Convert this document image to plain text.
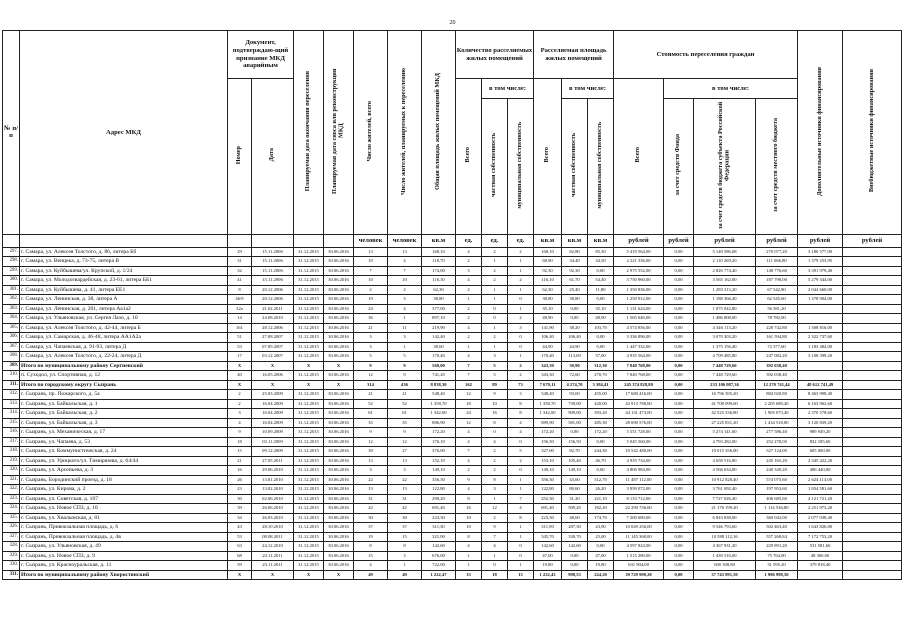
20
№ п/п	Адрес МКД	Документ, подтверждаю-щий признание МКД аварийным		Планируемая дата окончания переселения	Планируемая дата сноса или реконструкции МКД	Число жителей, всего	Число жителей, планируемых к переселению	Общая площадь жилых помещений МКД	Количество расселяемых жилых помещений			Расселяемая площадь жилых помещений			Стоимость переселения граждан				Дополнительные источники финансирования	Внебюджетные источники финансирования
		Номер	Дата						Всего	в том числе:		Всего	в том числе:		Всего	в том числе:				
										частная собственность	муниципальная собственность		частная собственность	муниципальная собственность		за счет средств Фонда	за счет средств бюджета субъекта Российской Федерации	за счет средств местного бюджета		
						человек	человек	кв.м	ед.	ед.	ед.	кв.м	кв.м	кв.м	рублей	рублей	рублей	рублей	рублей	рублей
297.	г. Самара, ул. Алексея Толстого, д. 86, литера Бб	29	15.11.2006	31.12.2015	30.06.2016	13	13	168,10	4	2	2	168,10	82,80	85,30	5 419 564,00	0,00	5 149 586,08	270 077,20	3 180 577,00	
298.	г. Самара, ул. Венцека, д. 73-75, литера В	31	15.11.2006	31.12.2015	30.06.2016	10	4	118,70	2	1	1	68,90	34,40	34,50	2 221 336,00	0,00	2 110 269,20	111 066,80	1 379 253,95	
299.	г. Самара, ул. Куйбышева/ул. Крупской, д. 1/24	32	15.11.2006	31.12.2015	30.06.2016	7	7	174,00	3	2	1	92,30	92,30	0,00	2 975 552,00	0,00	2 826 774,40	148 776,60	3 391 979,40	
300.	г. Самара, ул. Молодогвардейская, д. 23-61, литера ББ1	41	15.11.2006	31.12.2015	30.06.2016	10	10	116,10	4	2	2	116,10	61,70	54,40	3 750 960,00	0,00	3 565 162,00	187 798,00	5 279 344,00	
301.	г. Самара, ул. Куйбышева, д. 41, литера ЕЕ1	8	20.12.2006	31.12.2015	30.06.2016	2	2	62,30	2	1	1	62,30	25,40	11,80	1 350 836,00	0,00	1 283 313,20	67 542,80	2 044 660,00	
302.	г. Самара, ул. Ленинская, д. 38, литера А	46/9	20.12.2006	31.12.2015	30.06.2016	19	3	38,80	1	1	0	38,80	38,80	0,00	1 250 912,00	0,00	1 188 366,40	62 545,60	1 378 904,00	
303.	г. Самара, ул. Ленинская, д. 201, литера Аа1а2	32a	21.02.2011	31.12.2015	30.06.2016	24	4	377,00	2	0	1	35,10	0,00	35,10	1 131 624,00	0,00	1 075 042,80	56 581,20		
304.	г. Самара, ул. Ульяновская, ул. Сергея Лазо, д. 10	14	24.08.2010	31.12.2015	30.06.2016	36	1	897,10	2	0	2	48,90	0,00	48,90	1 565 640,00	0,00	1 486 808,00	78 782,00		
305.	г. Самара, ул. Алексея Толстого, д. 42-44, литера Б	161	28.12.2006	31.12.2015	30.06.2016	21	11	219,90	4	1	3	141,90	38,20	103,70	4 574 856,00	0,00	4 346 113,20	228 742,80	1 308 816,00	
306.	г. Самара, ул. Самарская, д. 46-48, литера АА1А2а	51	27.08.2007	31.12.2015	30.06.2016	3	3	142,40	2	2	0	106,40	106,40	0,00	3 336 896,00	0,00	3 070 303,20	161 594,80	2 322 737,60	
307.	г. Самара, ул. Чапаевская, д. 91-93, литера Д	53	07.09.2007	31.12.2015	30.06.2016	3	1	38,60	1	1	0	44,90	44,90	0,00	1 447 332,00	0,00	1 375 156,40	72 377,60	1 183 484,00	
308.	г. Самара, ул. Алексея Толстого, д. 22-24, литера Д	17	03.12.2007	31.12.2015	30.06.2016	5	5	170,40	4	3	1	170,40	113,00	57,00	4 935 564,00	0,00	4 709 485,80	247 082,20	3 108 399,20	
309.	Итого по муниципальному району Сергиевский	X	X	X	X	9	9	569,00	7	5	2	343,30	30,90	312,30	7 840 768,00	0,00	7 448 729,60	392 038,40		
310.	п. Суходол, ул. Спортивная, д. 12	40	16.05.2006	31.12.2015	30.06.2016	12	9	741,20	7	5	2	343,30	72,60	270,70	7 840 768,00	0,00	7 448 729,60	392 038,40		
311.	Итого по городскому округу Сызрань	X	X	X	X	314	436	8 838,30	162	89	73	7 679,11	4 274,70	3 384,41	245 374 828,80	0,00	233 106 087,36	12 270 741,44	48 612 741,49	
312.	г. Сызрань, пр. Пожарского, д. 5а	2	25.03.2009	31.12.2015	30.06.2016	21	21	548,40	12	9	3	548,40	93,00	455,00	17 680 416,00	0,00	16 796 395,20	884 020,80	8 463 998,40	
313.	г. Сызрань, ул. Байкальская, д. 1	2	16.04.2009	31.12.2015	30.06.2016	52	52	1 358,70	18	10	8	1 358,70	739,00	420,00	43 913 788,00	0,00	41 708 099,60	2 205 689,40	6 163 962,60	
314.	г. Сызрань, ул. Байкальская, д. 2	3	16.04.2009	31.12.2015	30.06.2016	61	61	1 342,00	24	16	8	1 342,00	909,00	393,20	44 131 473,00	0,00	42 525 336,80	1 905 073,40	2 370 578,60	
315.	г. Сызрань, ул. Байкальская, д. 3	4	16.04.2009	31.12.2015	30.06.2016	35	35	886,90	12	8	4	889,90	581,00	285,30	28 690 576,00	0,00	27 225 831,20	1 434 518,80	3 120 839,20	
316.	г. Сызрань, ул. Механическая, д. 17	9	10.09.2009	31.12.2015	30.06.2016	9	9	172,20	4	0	4	172,20	0,00	172,20	5 551 728,00	0,00	5 274 141,60	277 586,40	989 949,20	
317.	г. Сызрань, ул. Чапаева, д. 53	18	03.11.2009	31.12.2015	30.06.2016	12	12	176,10	4	4	0	156,50	156,50	0,00	5 045 560,00	0,00	4 793 282,00	252 278,00	832 185,60	
318.	г. Сызрань, ул. Коммунистическая, д. 24	15	09.12.2009	31.12.2015	30.06.2016	39	27	376,00	7	2	5	327,00	82,70	244,30	10 542 480,00	0,00	10 015 356,00	527 124,00	605 000,00	
319.	г. Сызрань, ул. Урицкого/ул. Тимирязева, д. 64/44	21	27.05.2011	31.12.2015	30.06.2016	13	13	152,10	4	2	2	153,10	105,40	46,70	4 935 734,00	0,00	4 658 516,80	245 165,20	2 345 422,20	
320.	г. Сызрань, ул. Арсеньева, д. 3	16	29.06.2010	31.12.2015	30.06.2016	3	3	149,10	2	2	0	149,10	149,10	0,00	4 806 984,00	0,00	4 566 634,80	240 349,20	496 440,00	
321.	г. Сызрань, Бородинский проезд, д. 18	26	13.01.2010	31.12.2015	30.06.2016	22	22	356,30	9	8	1	356,30	43,60	312,70	11 487 112,00	0,00	10 912 828,40	574 075,60	2 624 113,00	
322.	г. Сызрань, ул. Кирова, д. 2	23	13.02.2010	31.12.2015	30.06.2016	13	13	122,80	4	3	1	122,80	80,60	26,20	3 959 072,00	0,00	3 761 092,40	197 953,60	1 834 581,60	
323.	г. Сызрань, ул. Советская, д. 107	30	02.06.2010	31.12.2015	30.06.2016	31	31	290,20	8	1	7	252,30	31,20	221,10	8 133 712,00	0,00	7 727 026,40	406 685,60	4 121 721,20	
324.	г. Сызрань, ул. Новое СПЗ, д. 10	39	26.06.2010	31.12.2015	30.06.2016	42	42	691,40	16	12	4	691,40	509,20	182,20	22 290 736,00	0,00	21 176 199,20	1 114 536,80	2 251 973,20	
325.	г. Сызрань, ул. Хвалынская, д. 81	34	26.03.2010	31.12.2015	30.06.2016	30	30	223,30	10	2	8	223,30	48,60	174,70	7 200 680,00	0,00	6 843 838,00	360 042,00	2 077 038,40	
326.	г. Сызрань, Привокзальная площадь, д. 6	43	28.10.2010	31.12.2015	30.06.2016	37	37	311,30	10	9	1	311,90	287,30	23,90	10 049 256,00	0,00	9 546 793,60	502 463,40	1 643 826,80	
327.	г. Сызрань, Привокзальная площадь, д. 4в	53	08.08.2011	31.12.2015	30.06.2016	19	15	321,00	8	7	1	345,70	330,70	25,00	11 145 368,00	0,00	10 588 112,16	557 268,84	7 172 753,20	
328.	г. Сызрань, ул. Ульяновская, д. 49	63	24.12.2010	31.12.2015	30.06.2016	8	8	142,60	4	4	0	142,60	142,60	0,00	4 597 824,00	0,00	4 367 931,20	229 891,20	531 581,60	
329.	г. Сызрань, ул. Новое СПЗ, д. 9	68	23.11.2011	31.12.2015	30.06.2016	15	3	676,00	1	1	0	47,00	0,00	47,00	1 515 280,00	0,00	1 439 516,00	75 764,00	48 360,00	
330.	г. Сызрань, ул. Красноуральская, д. 11	59	23.11.2011	31.12.2015	30.06.2016	4	1	722,00	1	0	1	19,80	0,00	19,80	631 904,00	0,00	600 308,80	31 595,20	379 818,40	
331.	Итого по муниципальному району Хворостянский	X	X	X	X	49	49	1 222,47	33	18	15	1 222,43	998,53	224,20	39 729 990,20	0,00	37 743 991,50	1 986 998,50		
